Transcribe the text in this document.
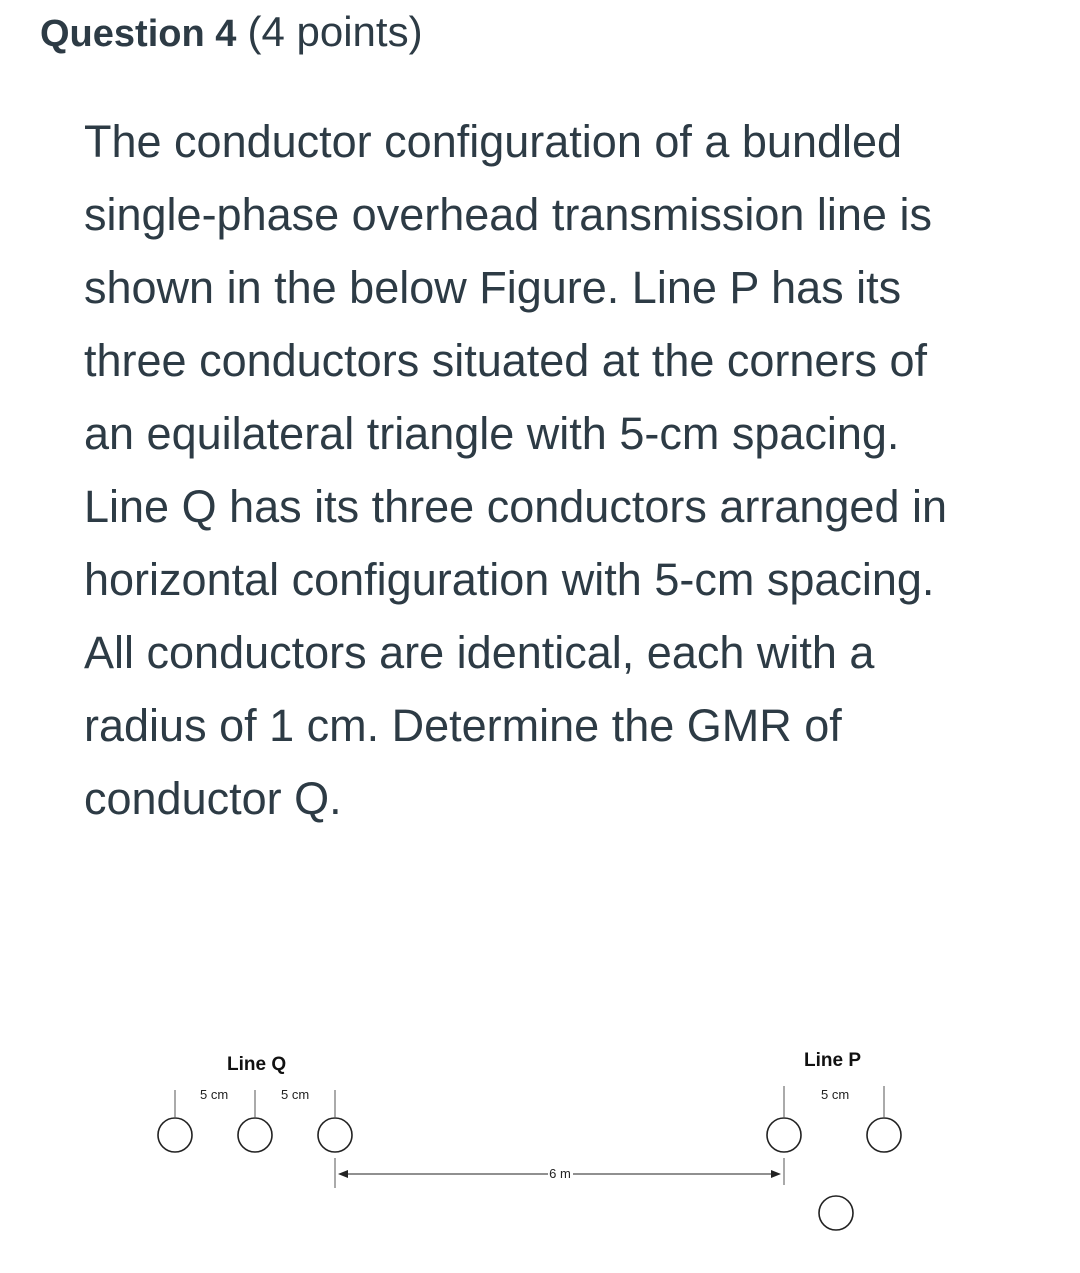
Question 4 (4 points)
The conductor configuration of a bundled
single-phase overhead transmission line is
shown in the below Figure. Line P has its
three conductors situated at the corners of
an equilateral triangle with 5-cm spacing.
Line Q has its three conductors arranged in
horizontal configuration with 5-cm spacing.
All conductors are identical, each with a
radius of 1 cm. Determine the GMR of
conductor Q.
Line Q	Line P
5 cm	5 cm	5 cm
6 m
